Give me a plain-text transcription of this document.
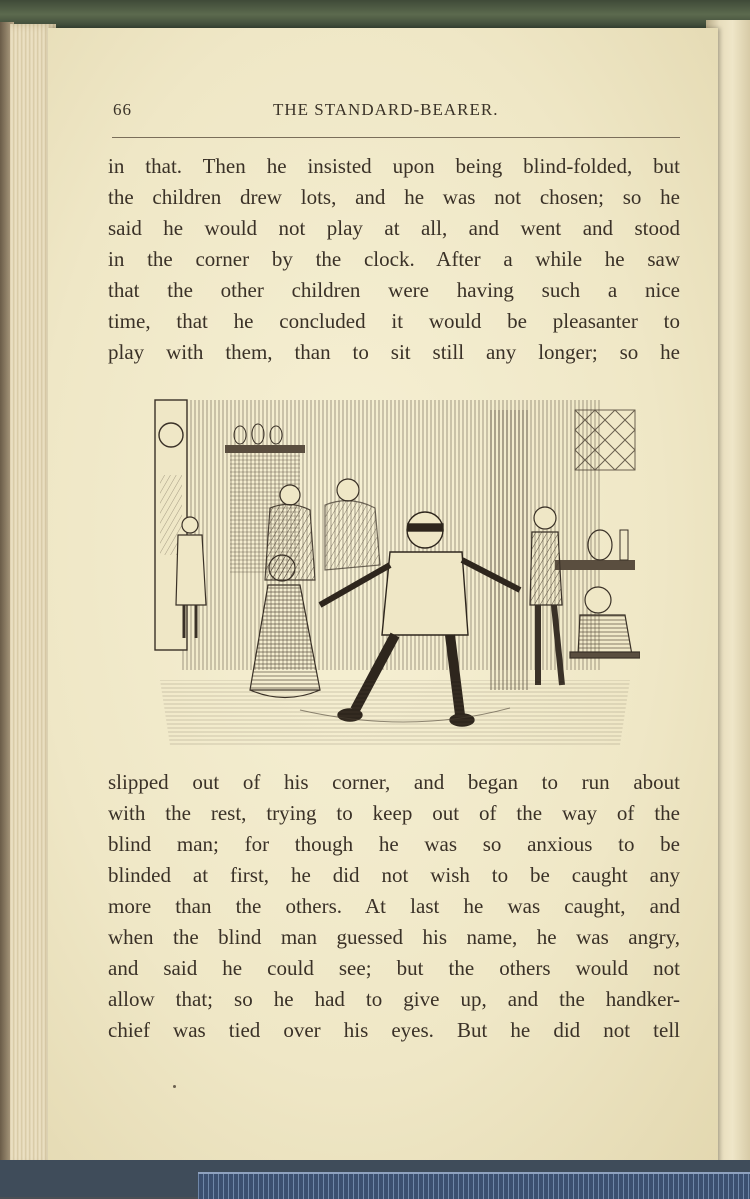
66	THE STANDARD-BEARER.
in that. Then he insisted upon being blind-folded, but
the children drew lots, and he was not chosen; so he
said he would not play at all, and went and stood
in the corner by the clock. After a while he saw
that the other children were having such a nice
time, that he concluded it would be pleasanter to
play with them, than to sit still any longer; so he
slipped out of his corner, and began to run about
with the rest, trying to keep out of the way of the
blind man; for though he was so anxious to be
blinded at first, he did not wish to be caught any
more than the others. At last he was caught, and
when the blind man guessed his name, he was angry,
and said he could see; but the others would not
allow that; so he had to give up, and the handker-
chief was tied over his eyes. But he did not tell
